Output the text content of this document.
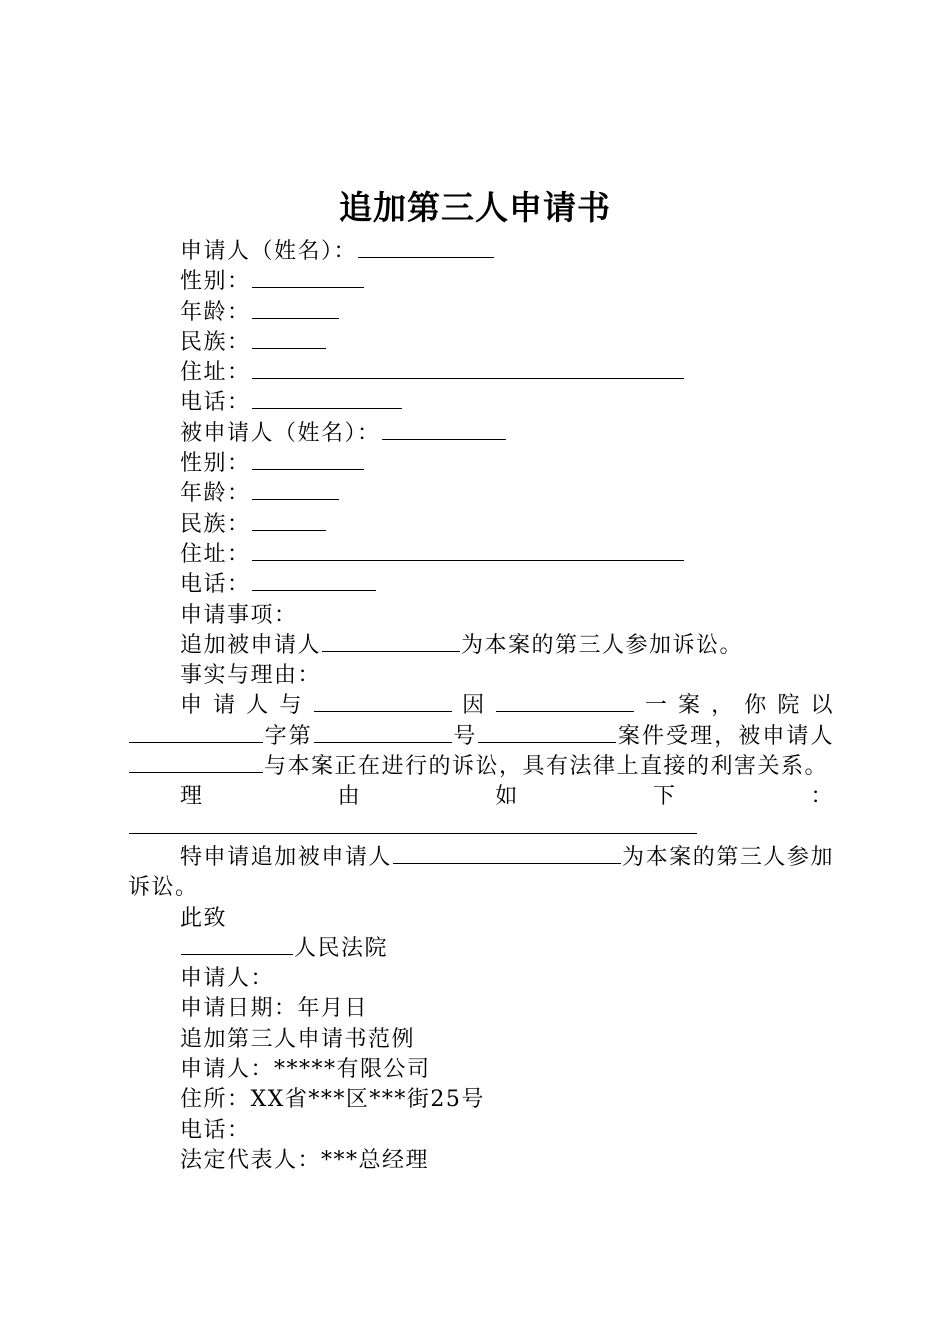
追加第三人申请书
申请人（姓名）：
性别：
年龄：
民族：
住址：
电话：
被申请人（姓名）：
性别：
年龄：
民族：
住址：
电话：
申请事项：
追加被申请人	为本案的第三人参加诉讼。
事实与理由：
申请人与	因	一案，你院以字第	号	案件受理，被申请人与本案正在进行的诉讼，具有法律上直接的利害关系。
理由如下：
特申请追加被申请人	为本案的第三人参加诉讼。
此致
人民法院
申请人：
申请日期：年月日
追加第三人申请书范例
申请人：*****有限公司
住所：XX省***区***街25号
电话：
法定代表人：***总经理
